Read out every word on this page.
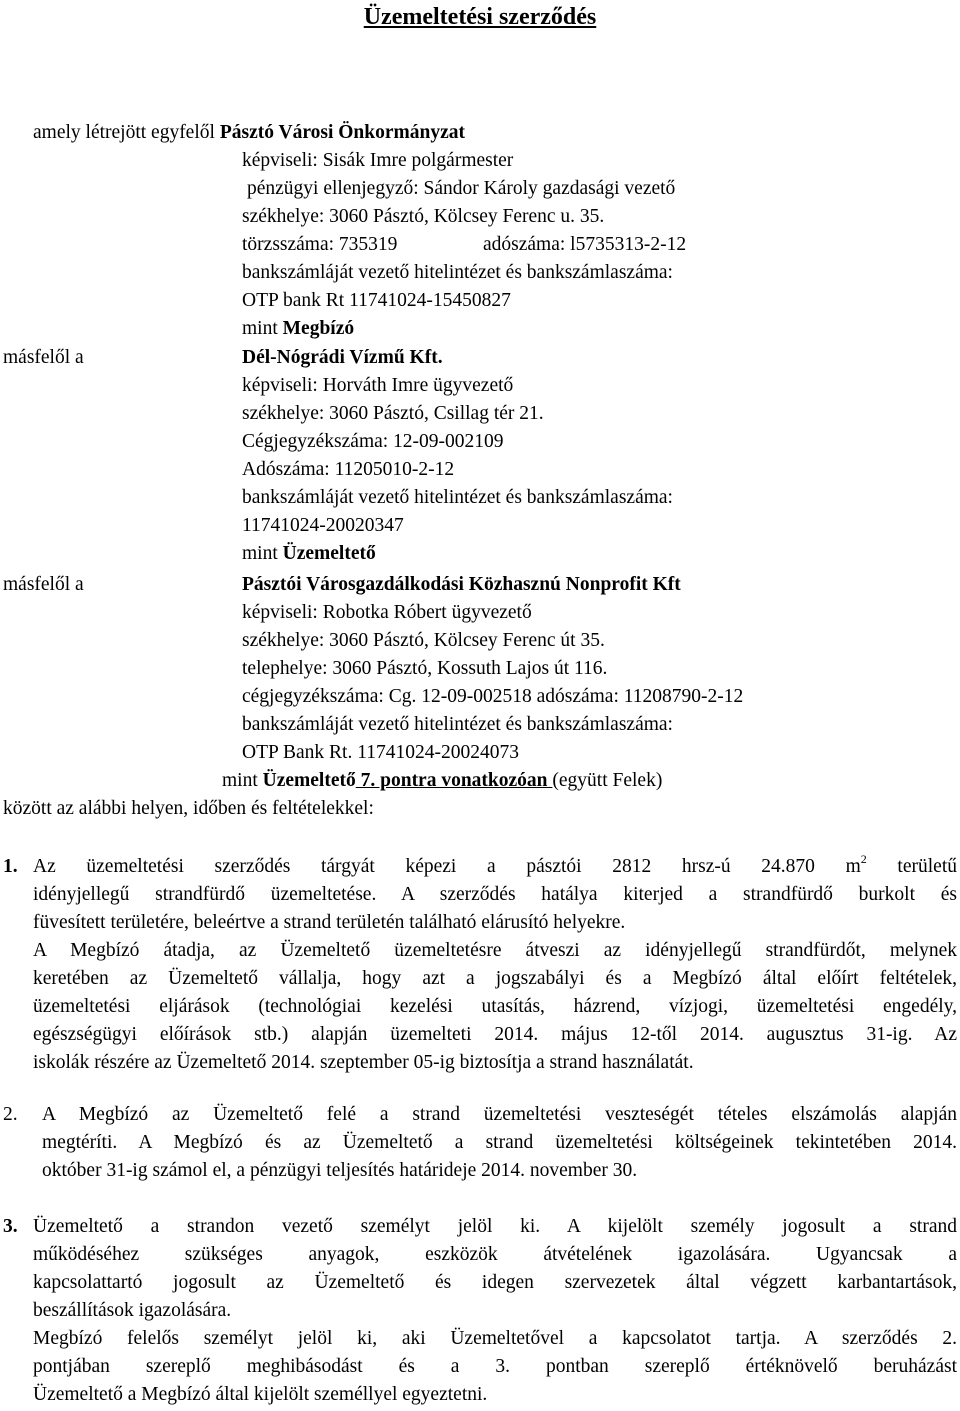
Üzemeltetési szerződés
amely létrejött egyfelől Pásztó Városi Önkormányzat
képviseli: Sisák Imre polgármester
pénzügyi ellenjegyző: Sándor Károly gazdasági vezető
székhelye: 3060 Pásztó, Kölcsey Ferenc u. 35.
törzsszáma: 735319	adószáma: l5735313-2-12
bankszámláját vezető hitelintézet és bankszámlaszáma:
OTP bank Rt 11741024-15450827
mint Megbízó
másfelől a	Dél-Nógrádi Vízmű Kft.
képviseli: Horváth Imre ügyvezető
székhelye: 3060 Pásztó, Csillag tér 21.
Cégjegyzékszáma: 12-09-002109
Adószáma: 11205010-2-12
bankszámláját vezető hitelintézet és bankszámlaszáma:
11741024-20020347
mint Üzemeltető
másfelől a	Pásztói Városgazdálkodási Közhasznú Nonprofit Kft
képviseli: Robotka Róbert ügyvezető
székhelye: 3060 Pásztó, Kölcsey Ferenc út 35.
telephelye: 3060 Pásztó, Kossuth Lajos út 116.
cégjegyzékszáma: Cg. 12-09-002518 adószáma: 11208790-2-12
bankszámláját vezető hitelintézet és bankszámlaszáma:
OTP Bank Rt. 11741024-20024073
mint Üzemeltető 7. pontra vonatkozóan (együtt Felek)
között az alábbi helyen, időben és feltételekkel:
1. Az üzemeltetési szerződés tárgyát képezi a pásztói 2812 hrsz-ú 24.870 $m^2$ területű
idényjellegű strandfürdő üzemeltetése. A szerződés hatálya kiterjed a strandfürdő burkolt és
füvesített területére, beleértve a strand területén található elárusító helyekre.
A Megbízó átadja, az Üzemeltető üzemeltetésre átveszi az idényjellegű strandfürdőt, melynek
keretében az Üzemeltető vállalja, hogy azt a jogszabályi és a Megbízó által előírt feltételek,
üzemeltetési eljárások (technológiai kezelési utasítás, házrend, vízjogi, üzemeltetési engedély,
egészségügyi előírások stb.) alapján üzemelteti 2014. május 12-től 2014. augusztus 31-ig. Az
iskolák részére az Üzemeltető 2014. szeptember 05-ig biztosítja a strand használatát.
2. A Megbízó az Üzemeltető felé a strand üzemeltetési veszteségét tételes elszámolás alapján
megtéríti. A Megbízó és az Üzemeltető a strand üzemeltetési költségeinek tekintetében 2014.
október 31-ig számol el, a pénzügyi teljesítés határideje 2014. november 30.
3. Üzemeltető a strandon vezető személyt jelöl ki. A kijelölt személy jogosult a strand
működéséhez szükséges anyagok, eszközök átvételének igazolására. Ugyancsak a
kapcsolattartó jogosult az Üzemeltető és idegen szervezetek által végzett karbantartások,
beszállítások igazolására.
Megbízó felelős személyt jelöl ki, aki Üzemeltetővel a kapcsolatot tartja. A szerződés 2.
pontjában szereplő meghibásodást és a 3. pontban szereplő értéknövelő beruházást
Üzemeltető a Megbízó által kijelölt személlyel egyeztetni.
